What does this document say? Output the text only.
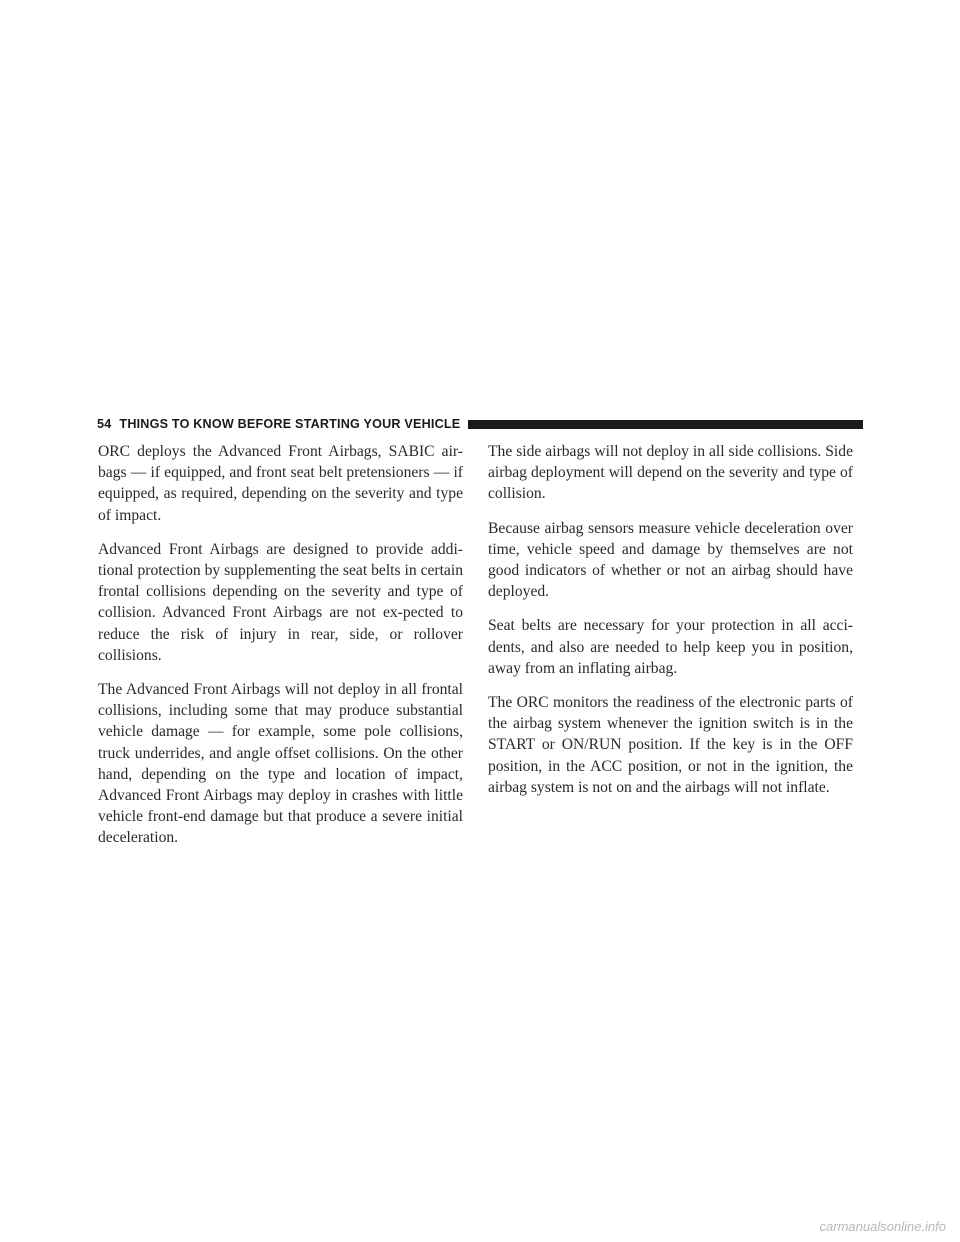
54 THINGS TO KNOW BEFORE STARTING YOUR VEHICLE

ORC deploys the Advanced Front Airbags, SABIC air-bags — if equipped, and front seat belt pretensioners — if equipped, as required, depending on the severity and type of impact.

Advanced Front Airbags are designed to provide addi-tional protection by supplementing the seat belts in certain frontal collisions depending on the severity and type of collision. Advanced Front Airbags are not ex-pected to reduce the risk of injury in rear, side, or rollover collisions.

The Advanced Front Airbags will not deploy in all frontal collisions, including some that may produce substantial vehicle damage — for example, some pole collisions, truck underrides, and angle offset collisions. On the other hand, depending on the type and location of impact, Advanced Front Airbags may deploy in crashes with little vehicle front-end damage but that produce a severe initial deceleration.

The side airbags will not deploy in all side collisions. Side airbag deployment will depend on the severity and type of collision.

Because airbag sensors measure vehicle deceleration over time, vehicle speed and damage by themselves are not good indicators of whether or not an airbag should have deployed.

Seat belts are necessary for your protection in all acci-dents, and also are needed to help keep you in position, away from an inflating airbag.

The ORC monitors the readiness of the electronic parts of the airbag system whenever the ignition switch is in the START or ON/RUN position. If the key is in the OFF position, in the ACC position, or not in the ignition, the airbag system is not on and the airbags will not inflate.

carmanualsonline.info
